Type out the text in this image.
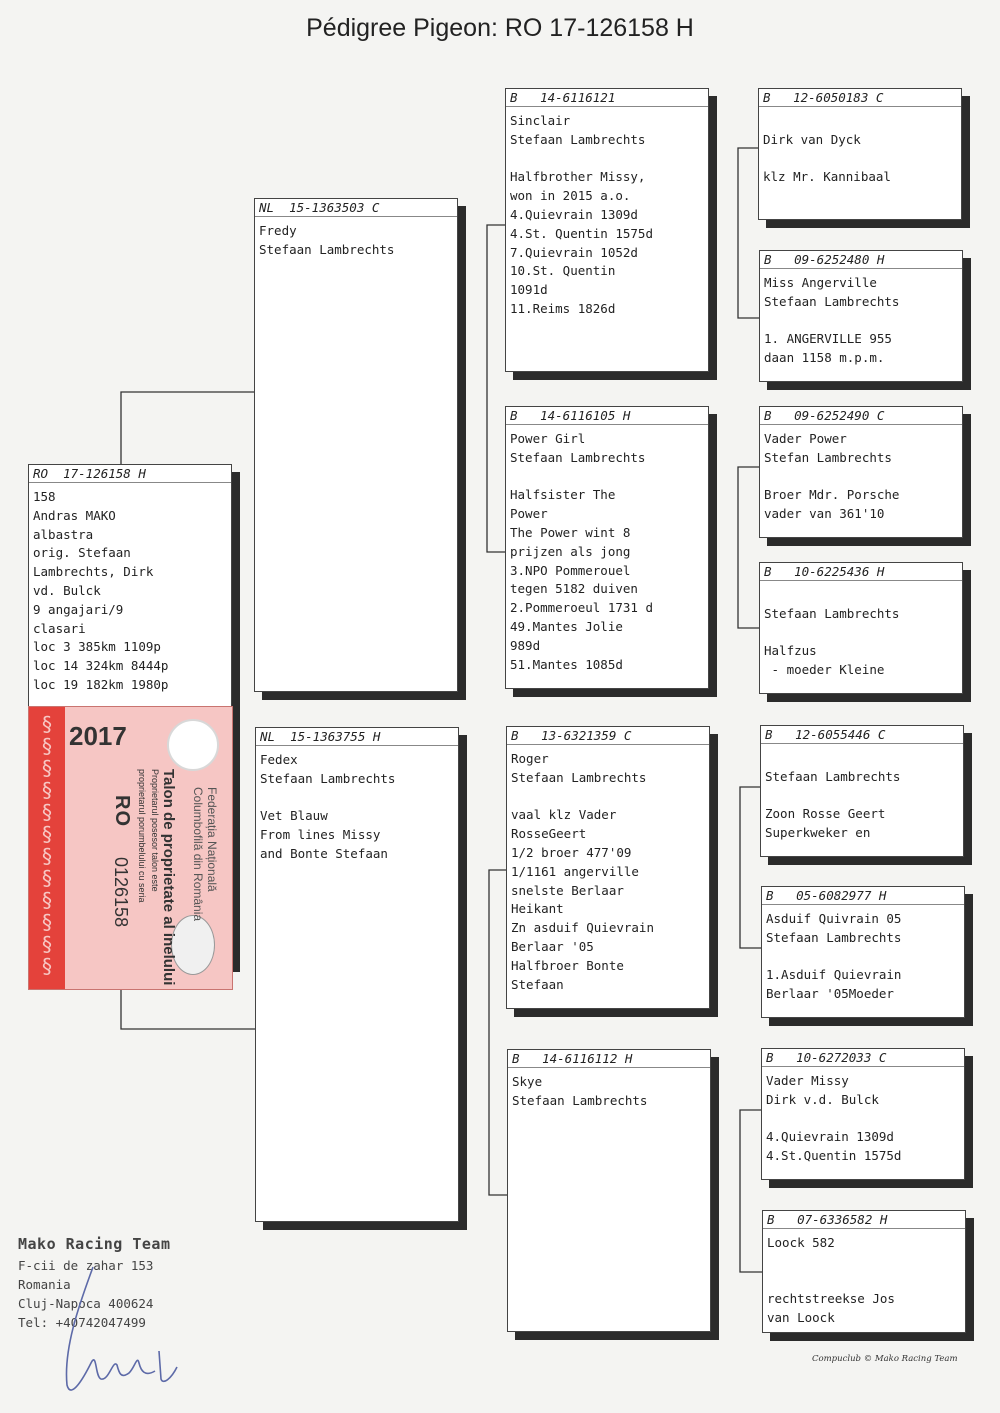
Pédigree Pigeon: RO 17-126158 H
RO  17-126158 H
158
Andras MAKO
albastra
orig. Stefaan
Lambrechts, Dirk
vd. Bulck
9 angajari/9
clasari
loc 3 385km 1109p
loc 14 324km 8444p
loc 19 182km 1980p
NL  15-1363503 C
Fredy
Stefaan Lambrechts
NL  15-1363755 H
Fedex
Stefaan Lambrechts
Vet Blauw
From lines Missy
and Bonte Stefaan
B   14-6116121
Sinclair
Stefaan Lambrechts
Halfbrother Missy,
won in 2015 a.o.
4.Quievrain 1309d
4.St. Quentin 1575d
7.Quievrain 1052d
10.St. Quentin
1091d
11.Reims 1826d
B   14-6116105 H
Power Girl
Stefaan Lambrechts
Halfsister The
Power
The Power wint 8
prijzen als jong
3.NPO Pommerouel
tegen 5182 duiven
2.Pommeroeul 1731 d
49.Mantes Jolie
989d
51.Mantes 1085d
B   13-6321359 C
Roger
Stefaan Lambrechts
vaal klz Vader
RosseGeert
1/2 broer 477'09
1/1161 angerville
snelste Berlaar
Heikant
Zn asduif Quievrain
Berlaar '05
Halfbroer Bonte
Stefaan
B   14-6116112 H
Skye
Stefaan Lambrechts
B   12-6050183 C
Dirk van Dyck
klz Mr. Kannibaal
B   09-6252480 H
Miss Angerville
Stefaan Lambrechts
1. ANGERVILLE 955
daan 1158 m.p.m.
B   09-6252490 C
Vader Power
Stefan Lambrechts
Broer Mdr. Porsche
vader van 361'10
B   10-6225436 H
Stefaan Lambrechts
Halfzus
- moeder Kleine
B   12-6055446 C
Stefaan Lambrechts
Zoon Rosse Geert
Superkweker en
B   05-6082977 H
Asduif Quivrain 05
Stefaan Lambrechts
1.Asduif Quievrain
Berlaar '05Moeder
B   10-6272033 C
Vader Missy
Dirk v.d. Bulck
4.Quievrain 1309d
4.St.Quentin 1575d
B   07-6336582 H
Loock 582
rechtstreekse Jos
van Loock
§
§
§
§
§
§
§
§
§
§
§
§
2017
Federația Națională
Columbofilă din România
Talon de proprietate al inelului
Proprietarul posesor talon este
proprietarul porumbelului cu seria
RO
0126158
Mako Racing Team
F-cii de zahar 153
Romania
Cluj-Napoca 400624
Tel: +40742047499
Compuclub © Mako Racing Team
